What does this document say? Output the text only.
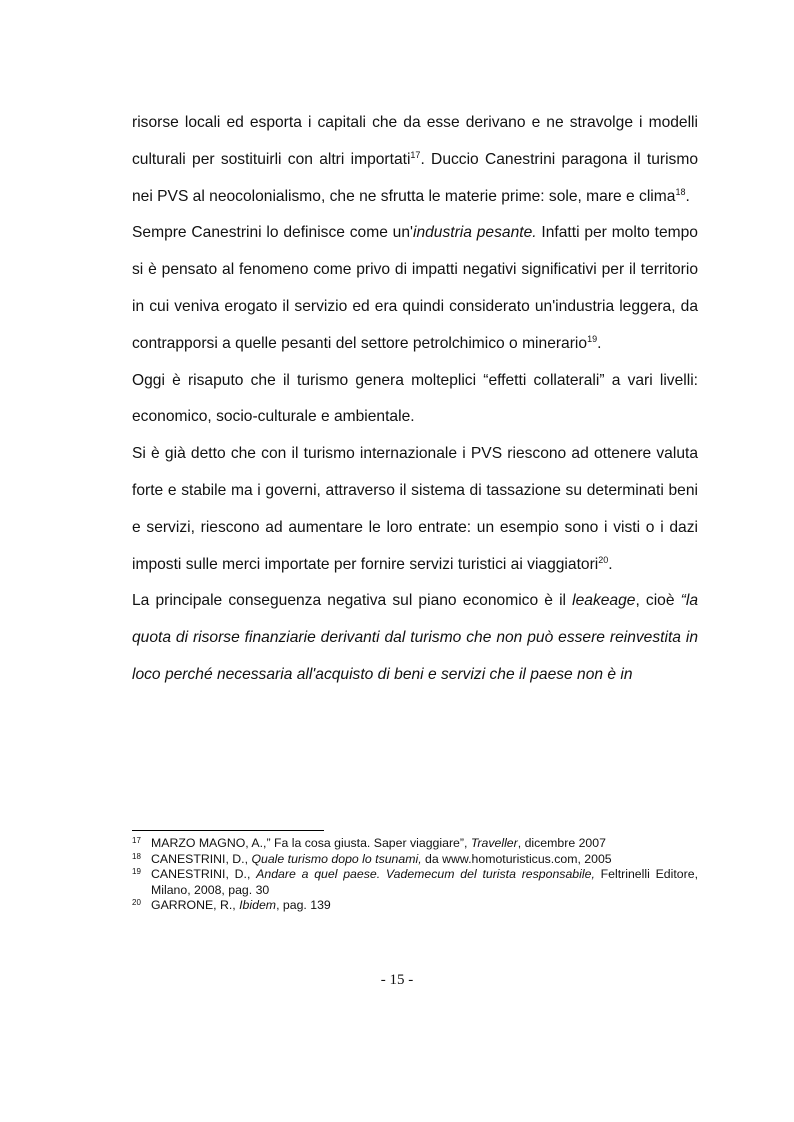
risorse locali ed esporta i capitali che da esse derivano e ne stravolge i modelli culturali per sostituirli con altri importati$^{17}$. Duccio Canestrini paragona il turismo nei PVS al neocolonialismo, che ne sfrutta le materie prime: sole, mare e clima$^{18}$.

Sempre Canestrini lo definisce come un'industria pesante. Infatti per molto tempo si è pensato al fenomeno come privo di impatti negativi significativi per il territorio in cui veniva erogato il servizio ed era quindi considerato un'industria leggera, da contrapporsi a quelle pesanti del settore petrolchimico o minerario$^{19}$.

Oggi è risaputo che il turismo genera molteplici “effetti collaterali” a vari livelli: economico, socio-culturale e ambientale.

Si è già detto che con il turismo internazionale i PVS riescono ad ottenere valuta forte e stabile ma i governi, attraverso il sistema di tassazione su determinati beni e servizi, riescono ad aumentare le loro entrate: un esempio sono i visti o i dazi imposti sulle merci importate per fornire servizi turistici ai viaggiatori$^{20}$.

La principale conseguenza negativa sul piano economico è il leakeage, cioè “la quota di risorse finanziarie derivanti dal turismo che non può essere reinvestita in loco perché necessaria all'acquisto di beni e servizi che il paese non è in

17 MARZO MAGNO, A.,” Fa la cosa giusta. Saper viaggiare”, Traveller, dicembre 2007
18 CANESTRINI, D., Quale turismo dopo lo tsunami, da www.homoturisticus.com, 2005
19 CANESTRINI, D., Andare a quel paese. Vademecum del turista responsabile, Feltrinelli Editore, Milano, 2008, pag. 30
20 GARRONE, R., Ibidem, pag. 139
- 15 -
